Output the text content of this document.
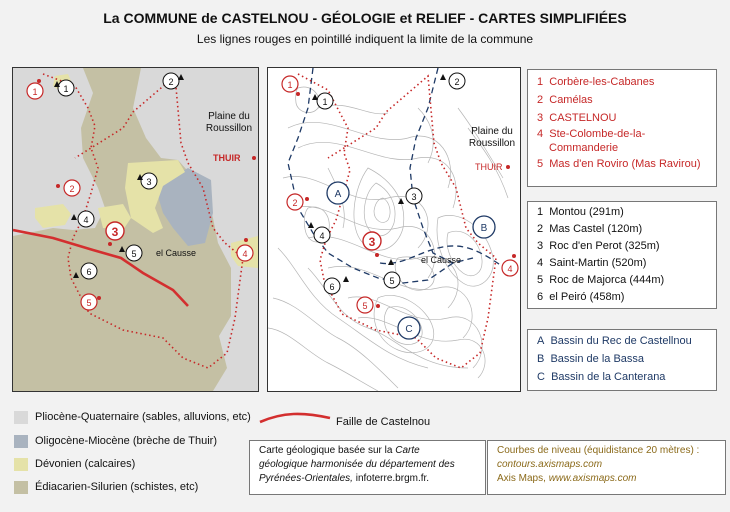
La COMMUNE de CASTELNOU - GÉOLOGIE et RELIEF - CARTES SIMPLIFIÉES
Les lignes rouges en pointillé indiquent la limite de la commune
1	1
2
2
3
4
3
5	4
6
5
Plaine du
Roussillon
THUIR
el Causse
A
B
C
1
1
2
2
3
4	3
5
4
6
5
Plaine du
Roussillon
THUIR
el Causse
1 Corbère-les-Cabanes
2 Camélas
3 CASTELNOU
4 Ste-Colombe-de-la-
Commanderie
5 Mas d'en Roviro (Mas Ravirou)
1 Montou (291m)
2 Mas Castel (120m)
3 Roc d'en Perot (325m)
4 Saint-Martin (520m)
5 Roc de Majorca (444m)
6 el Peiró (458m)
A Bassin du Rec de Castellnou
B Bassin de la Bassa
C Bassin de la Canterana
Pliocène-Quaternaire (sables, alluvions, etc)
Oligocène-Miocène (brèche de Thuir)
Dévonien (calcaires)
Édiacarien-Silurien (schistes, etc)
Faille de Castelnou
Carte géologique basée sur la Carte
géologique harmonisée du département des
Pyrénées-Orientales, infoterre.brgm.fr.
Courbes de niveau (équidistance 20 mètres) :
contours.axismaps.com
Axis Maps, www.axismaps.com
